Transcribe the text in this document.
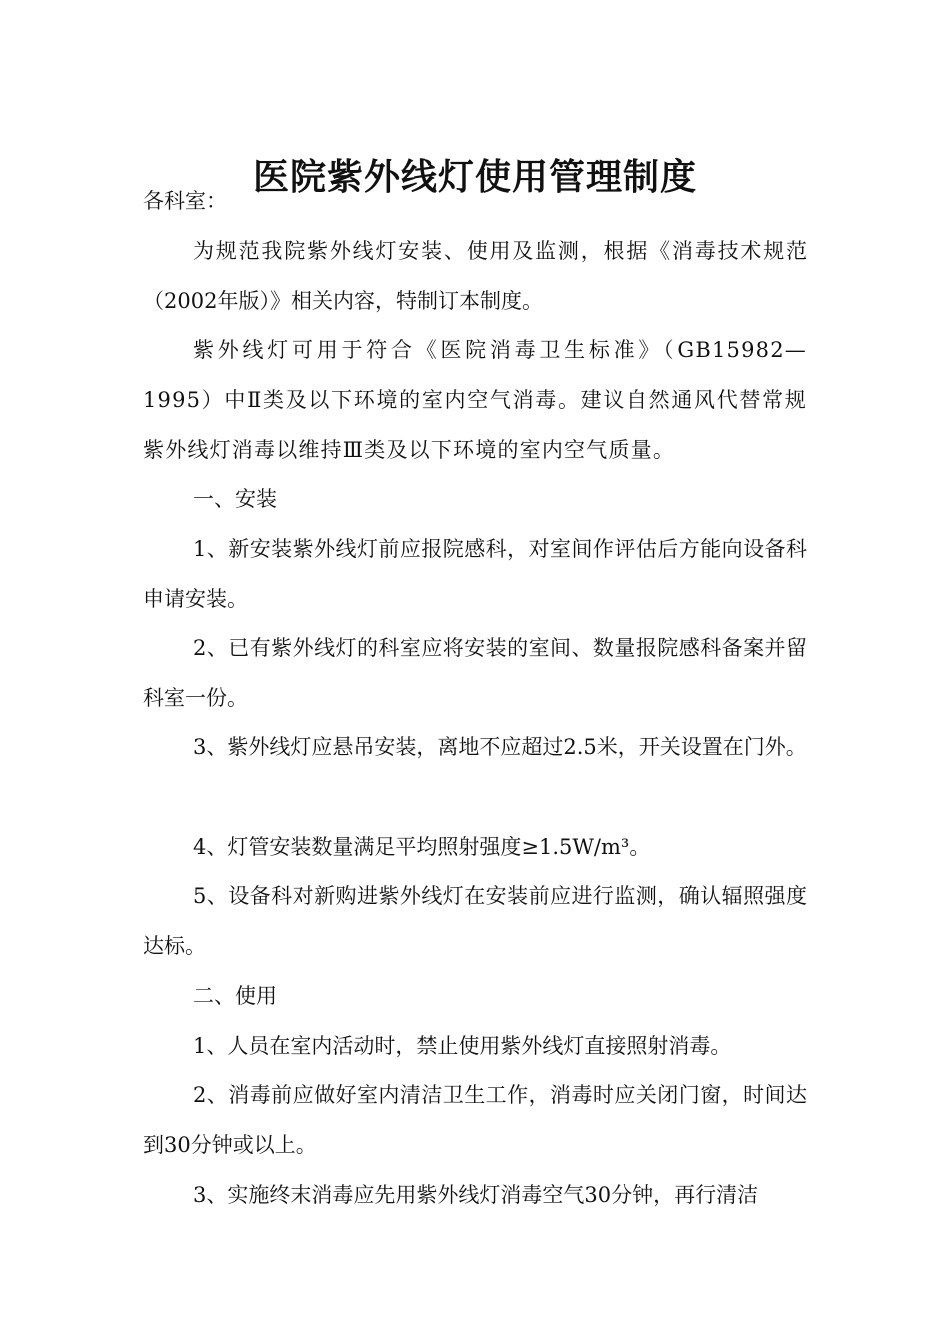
医院紫外线灯使用管理制度

各科室：

为规范我院紫外线灯安装、使用及监测，根据《消毒技术规范（2002年版）》相关内容，特制订本制度。

紫外线灯可用于符合《医院消毒卫生标准》（GB15982—1995）中Ⅱ类及以下环境的室内空气消毒。建议自然通风代替常规紫外线灯消毒以维持Ⅲ类及以下环境的室内空气质量。

一、安装

1、新安装紫外线灯前应报院感科，对室间作评估后方能向设备科申请安装。

2、已有紫外线灯的科室应将安装的室间、数量报院感科备案并留科室一份。

3、紫外线灯应悬吊安装，离地不应超过2.5米，开关设置在门外。

4、灯管安装数量满足平均照射强度≥1.5W/m³。

5、设备科对新购进紫外线灯在安装前应进行监测，确认辐照强度达标。

二、使用

1、人员在室内活动时，禁止使用紫外线灯直接照射消毒。

2、消毒前应做好室内清洁卫生工作，消毒时应关闭门窗，时间达到30分钟或以上。

3、实施终末消毒应先用紫外线灯消毒空气30分钟，再行清洁
